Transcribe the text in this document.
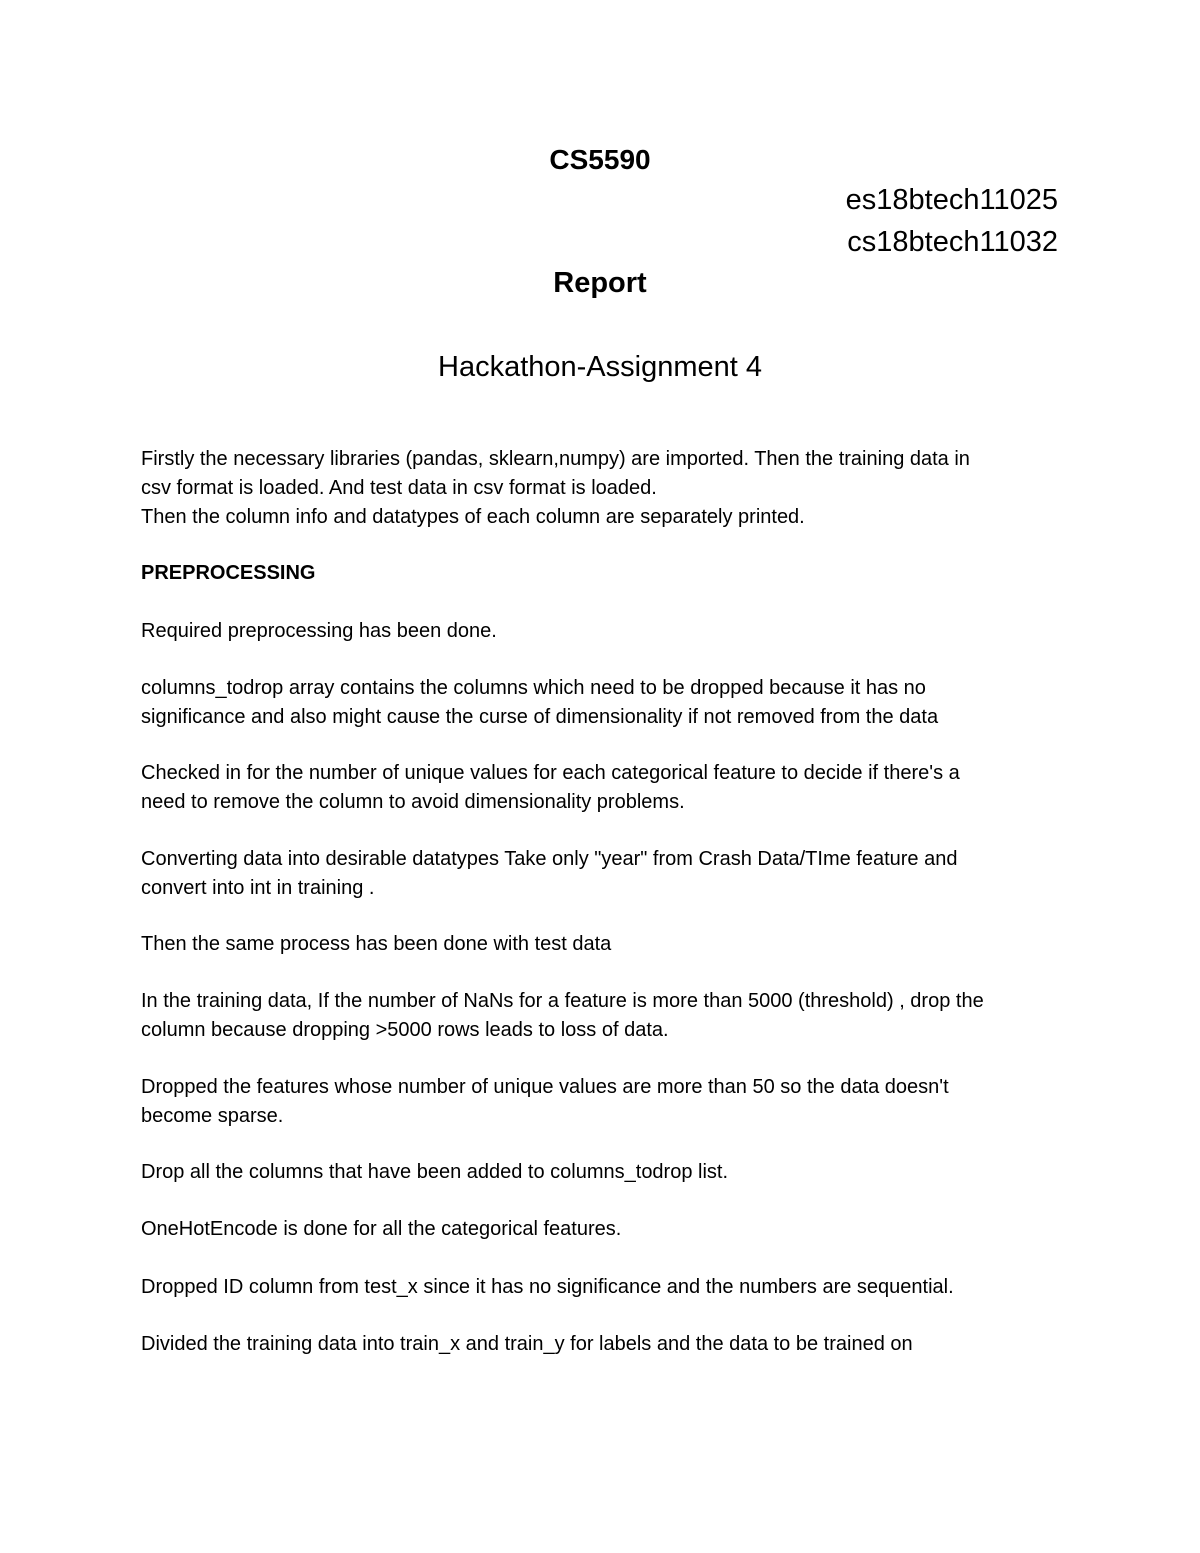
CS5590
es18btech11025
cs18btech11032
Report
Hackathon-Assignment 4
Firstly the necessary libraries (pandas, sklearn,numpy) are imported. Then the training data in
csv format is loaded. And test data in csv format is loaded.
Then the column info and datatypes of each column are separately printed.
PREPROCESSING
Required preprocessing has been done.
columns_todrop array contains the columns which need to be dropped because it has no
significance and also might cause the curse of dimensionality if not removed from the data
Checked in for the number of unique values for each categorical feature to decide if there's a
need to remove the column to avoid dimensionality problems.
Converting data into desirable datatypes Take only "year" from Crash Data/TIme feature and
convert into int in training .
Then the same process has been done with test data
In the training data, If the number of NaNs for a feature is more than 5000 (threshold) , drop the
column because dropping >5000 rows leads to loss of data.
Dropped the features whose number of unique values are more than 50 so the data doesn't
become sparse.
Drop all the columns that have been added to columns_todrop list.
OneHotEncode is done for all the categorical features.
Dropped ID column from test_x since it has no significance and the numbers are sequential.
Divided the training data into train_x and train_y for labels and the data to be trained on
